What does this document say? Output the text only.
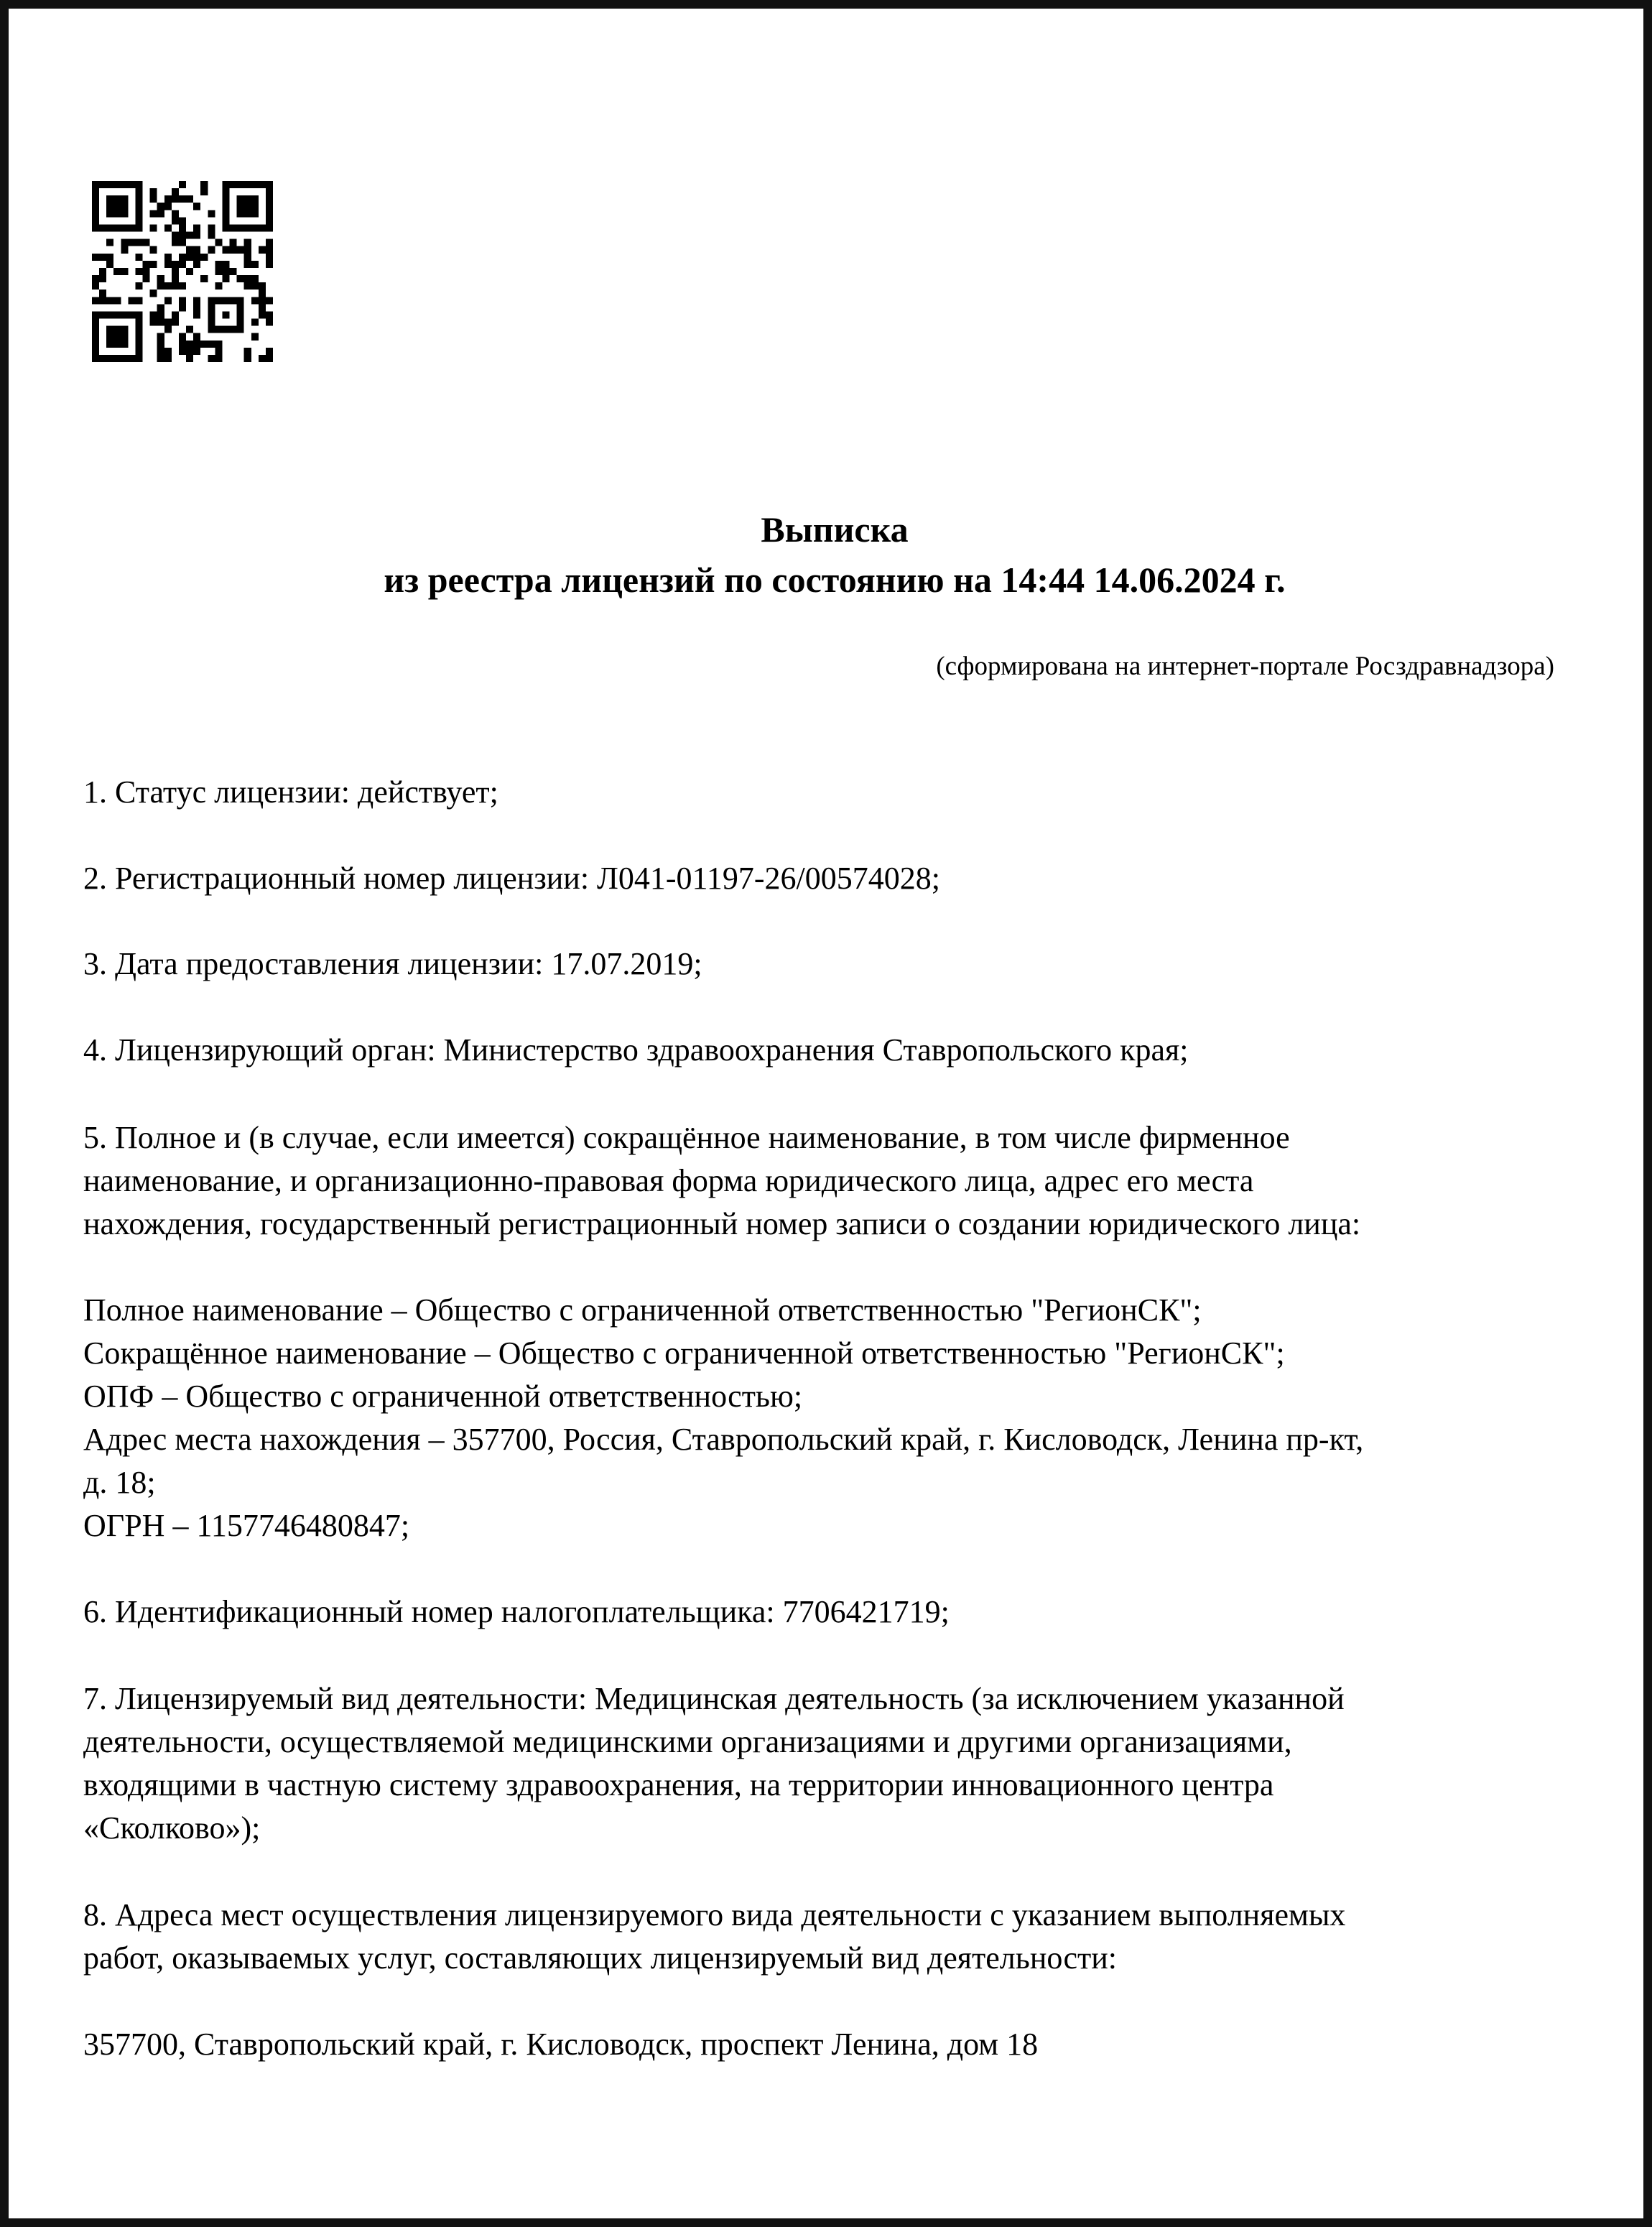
Выписка
из реестра лицензий по состоянию на 14:44 14.06.2024 г.
(сформирована на интернет-портале Росздравнадзора)
1. Статус лицензии: действует;
2. Регистрационный номер лицензии: Л041-01197-26/00574028;
3. Дата предоставления лицензии: 17.07.2019;
4. Лицензирующий орган: Министерство здравоохранения Ставропольского края;
5. Полное и (в случае, если имеется) сокращённое наименование, в том числе фирменное
наименование, и организационно-правовая форма юридического лица, адрес его места
нахождения, государственный регистрационный номер записи о создании юридического лица:
Полное наименование – Общество с ограниченной ответственностью "РегионСК";
Сокращённое наименование – Общество с ограниченной ответственностью "РегионСК";
ОПФ – Общество с ограниченной ответственностью;
Адрес места нахождения – 357700, Россия, Ставропольский край, г. Кисловодск, Ленина пр-кт,
д. 18;
ОГРН – 1157746480847;
6. Идентификационный номер налогоплательщика: 7706421719;
7. Лицензируемый вид деятельности: Медицинская деятельность (за исключением указанной
деятельности, осуществляемой медицинскими организациями и другими организациями,
входящими в частную систему здравоохранения, на территории инновационного центра
«Сколково»);
8. Адреса мест осуществления лицензируемого вида деятельности с указанием выполняемых
работ, оказываемых услуг, составляющих лицензируемый вид деятельности:
357700, Ставропольский край, г. Кисловодск, проспект Ленина, дом 18
